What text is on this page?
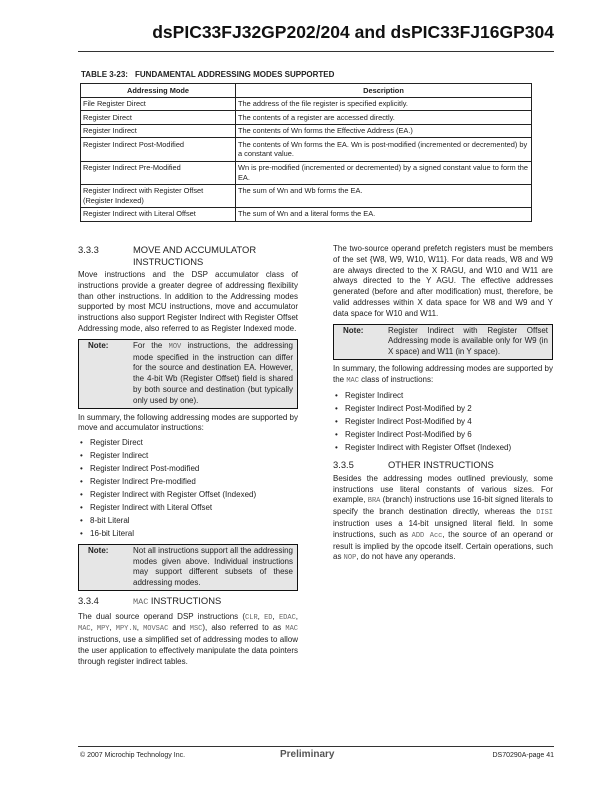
dsPIC33FJ32GP202/204 and dsPIC33FJ16GP304
TABLE 3-23: FUNDAMENTAL ADDRESSING MODES SUPPORTED
Addressing Mode	Description
File Register Direct	The address of the file register is specified explicitly.
Register Direct	The contents of a register are accessed directly.
Register Indirect	The contents of Wn forms the Effective Address (EA.)
Register Indirect Post-Modified	The contents of Wn forms the EA. Wn is post-modified (incremented or decremented) by a constant value.
Register Indirect Pre-Modified	Wn is pre-modified (incremented or decremented) by a signed constant value to form the EA.
Register Indirect with Register Offset (Register Indexed)	The sum of Wn and Wb forms the EA.
Register Indirect with Literal Offset	The sum of Wn and a literal forms the EA.
3.3.3	MOVE AND ACCUMULATOR INSTRUCTIONS

Move instructions and the DSP accumulator class of instructions provide a greater degree of addressing flexibility than other instructions. In addition to the Addressing modes supported by most MCU instructions, move and accumulator instructions also support Register Indirect with Register Offset Addressing mode, also referred to as Register Indexed mode.

Note:	For the MOV instructions, the addressing mode specified in the instruction can differ for the source and destination EA. However, the 4-bit Wb (Register Offset) field is shared by both source and destination (but typically only used by one).

In summary, the following addressing modes are supported by move and accumulator instructions:

• Register Direct
• Register Indirect
• Register Indirect Post-modified
• Register Indirect Pre-modified
• Register Indirect with Register Offset (Indexed)
• Register Indirect with Literal Offset
• 8-bit Literal
• 16-bit Literal
Note:	Not all instructions support all the addressing modes given above. Individual instructions may support different subsets of these addressing modes.
3.3.4	MAC INSTRUCTIONS

The dual source operand DSP instructions (CLR, ED, EDAC, MAC, MPY, MPY.N, MOVSAC and MSC), also referred to as MAC instructions, use a simplified set of addressing modes to allow the user application to effectively manipulate the data pointers through register indirect tables.

The two-source operand prefetch registers must be members of the set {W8, W9, W10, W11}. For data reads, W8 and W9 are always directed to the X RAGU, and W10 and W11 are always directed to the Y AGU. The effective addresses generated (before and after modification) must, therefore, be valid addresses within X data space for W8 and W9 and Y data space for W10 and W11.

Note:	Register Indirect with Register Offset Addressing mode is available only for W9 (in X space) and W11 (in Y space).

In summary, the following addressing modes are supported by the MAC class of instructions:

• Register Indirect
• Register Indirect Post-Modified by 2
• Register Indirect Post-Modified by 4
• Register Indirect Post-Modified by 6
• Register Indirect with Register Offset (Indexed)
3.3.5	OTHER INSTRUCTIONS

Besides the addressing modes outlined previously, some instructions use literal constants of various sizes. For example, BRA (branch) instructions use 16-bit signed literals to specify the branch destination directly, whereas the DISI instruction uses a 14-bit unsigned literal field. In some instructions, such as ADD Acc, the source of an operand or result is implied by the opcode itself. Certain operations, such as NOP, do not have any operands.

© 2007 Microchip Technology Inc.	Preliminary	DS70290A-page 41
